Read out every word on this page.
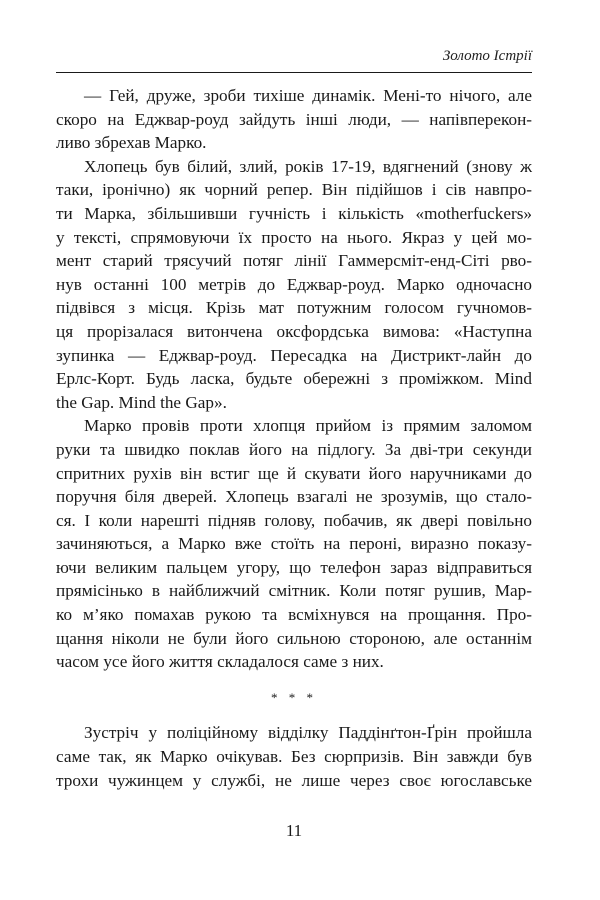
Золото Істрії

— Гей, друже, зроби тихіше динамік. Мені-то нічого, але
скоро на Еджвар-роуд зайдуть інші люди, — напівперекон-
ливо збрехав Марко.

Хлопець був білий, злий, років 17-19, вдягнений (знову ж
таки, іронічно) як чорний репер. Він підійшов і сів навпро-
ти Марка, збільшивши гучність і кількість «motherfuckers»
у тексті, спрямовуючи їх просто на нього. Якраз у цей мо-
мент старий трясучий потяг лінії Гаммерсміт-енд-Сіті рво-
нув останні 100 метрів до Еджвар-роуд. Марко одночасно
підвівся з місця. Крізь мат потужним голосом гучномов-
ця прорізалася витончена оксфордська вимова: «Наступна
зупинка — Еджвар-роуд. Пересадка на Дистрикт-лайн до
Ерлс-Корт. Будь ласка, будьте обережні з проміжком. Mind
the Gap. Mind the Gap».

Марко провів проти хлопця прийом із прямим заломом
руки та швидко поклав його на підлогу. За дві-три секунди
спритних рухів він встиг ще й скувати його наручниками до
поручня біля дверей. Хлопець взагалі не зрозумів, що стало-
ся. І коли нарешті підняв голову, побачив, як двері повільно
зачиняються, а Марко вже стоїть на пероні, виразно показу-
ючи великим пальцем угору, що телефон зараз відправиться
прямісінько в найближчий смітник. Коли потяг рушив, Мар-
ко м’яко помахав рукою та всміхнувся на прощання. Про-
щання ніколи не були його сильною стороною, але останнім
часом усе його життя складалося саме з них.

* * *

Зустріч у поліційному відділку Паддінґтон-Ґрін пройшла
саме так, як Марко очікував. Без сюрпризів. Він завжди був
трохи чужинцем у службі, не лише через своє югославське

11
